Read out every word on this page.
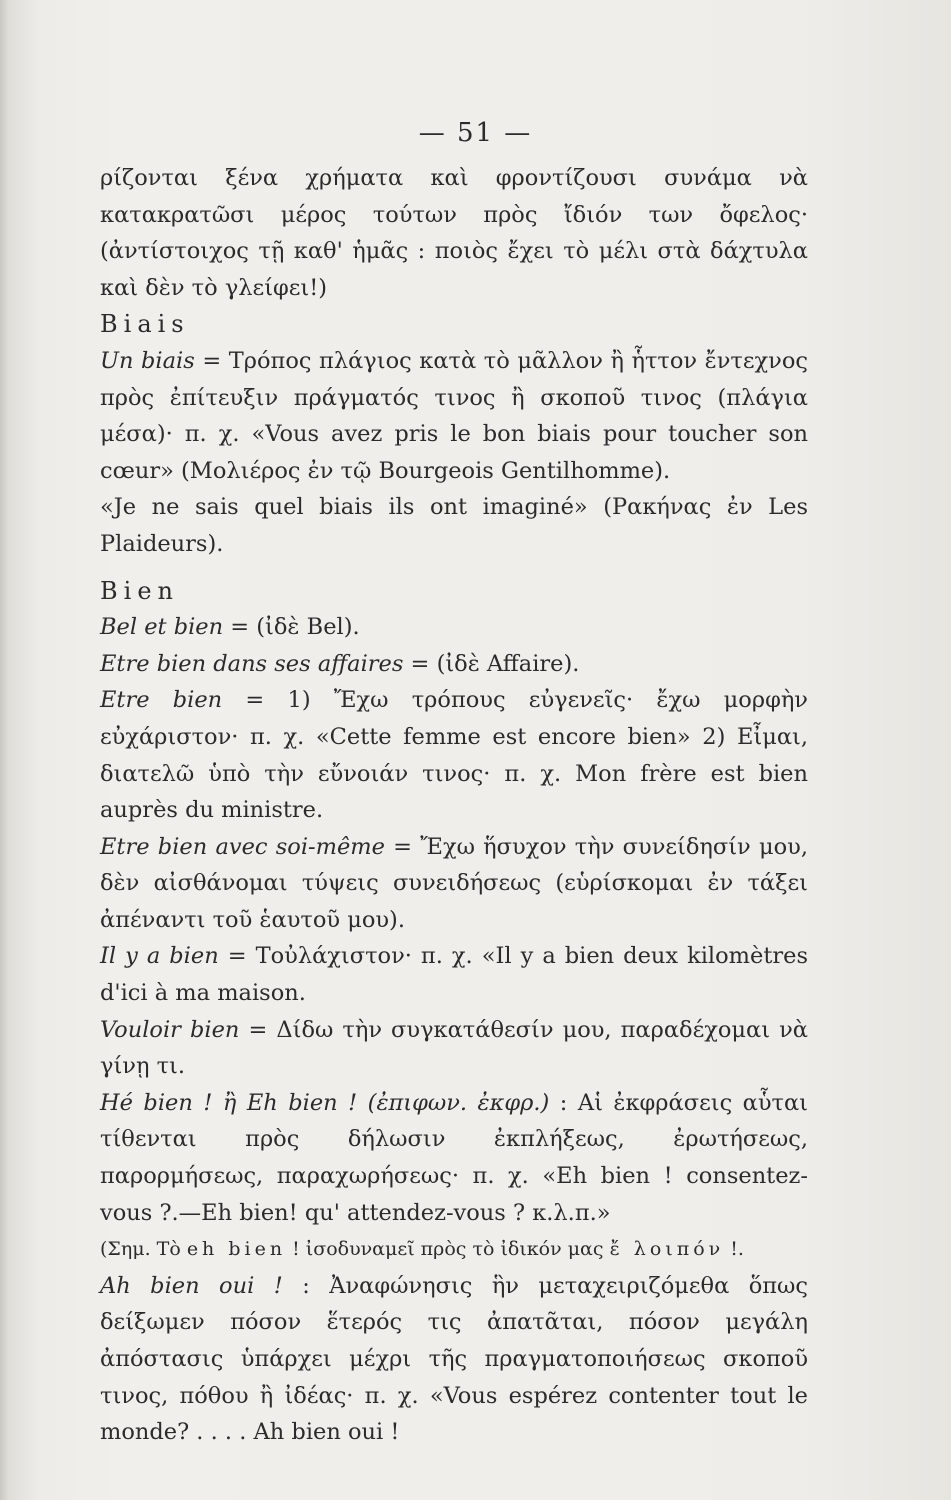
— 51 —

ρίζονται ξένα χρήματα καὶ φροντίζουσι συνάμα νὰ κατακρατῶσι μέρος τούτων πρὸς ἴδιόν των ὄφελος· (ἀντίστοιχος τῇ καθ' ἡμᾶς : ποιὸς ἔχει τὸ μέλι στὰ δάχτυλα καὶ δὲν τὸ γλείφει!)

Biais

Un biais = Τρόπος πλάγιος κατὰ τὸ μᾶλλον ἢ ἧττον ἔντεχνος πρὸς ἐπίτευξιν πράγματός τινος ἢ σκοποῦ τινος (πλάγια μέσα)· π. χ. «Vous avez pris le bon biais pour toucher son cœur» (Μολιέρος ἐν τῷ Bourgeois Gentilhomme).

«Je ne sais quel biais ils ont imaginé» (Ρακήνας ἐν Les Plaideurs).

Bien

Bel et bien = (ἰδὲ Bel).

Etre bien dans ses affaires = (ἰδὲ Affaire).

Etre bien = 1) Ἔχω τρόπους εὐγενεῖς· ἔχω μορφὴν εὐχάριστον· π. χ. «Cette femme est encore bien» 2) Εἶμαι, διατελῶ ὑπὸ τὴν εὔνοιάν τινος· π. χ. Mon frère est bien auprès du ministre.

Etre bien avec soi-même = Ἔχω ἥσυχον τὴν συνείδησίν μου, δὲν αἰσθάνομαι τύψεις συνειδήσεως (εὑρίσκομαι ἐν τάξει ἀπέναντι τοῦ ἑαυτοῦ μου).

Il y a bien = Τοὐλάχιστον· π. χ. «Il y a bien deux kilomètres d'ici à ma maison.

Vouloir bien = Δίδω τὴν συγκατάθεσίν μου, παραδέχομαι νὰ γίνῃ τι.

Hé bien ! ἢ Eh bien ! (ἐπιφων. ἐκφρ.) : Αἱ ἐκφράσεις αὗται τίθενται πρὸς δήλωσιν ἐκπλήξεως, ἐρωτήσεως, παρορμήσεως, παραχωρήσεως· π. χ. «Eh bien ! consentez-vous ?.—Eh bien! qu' attendez-vous ? κ.λ.π.»

(Σημ. Τὸ eh bien ! ἰσοδυναμεῖ πρὸς τὸ ἰδικόν μας ἔ λοιπόν !.

Ah bien oui ! : Ἀναφώνησις ἣν μεταχειριζόμεθα ὅπως δείξωμεν πόσον ἕτερός τις ἀπατᾶται, πόσον μεγάλη ἀπόστασις ὑπάρχει μέχρι τῆς πραγματοποιήσεως σκοποῦ τινος, πόθου ἢ ἰδέας· π. χ. «Vous espérez contenter tout le monde? . . . . Ah bien oui !
